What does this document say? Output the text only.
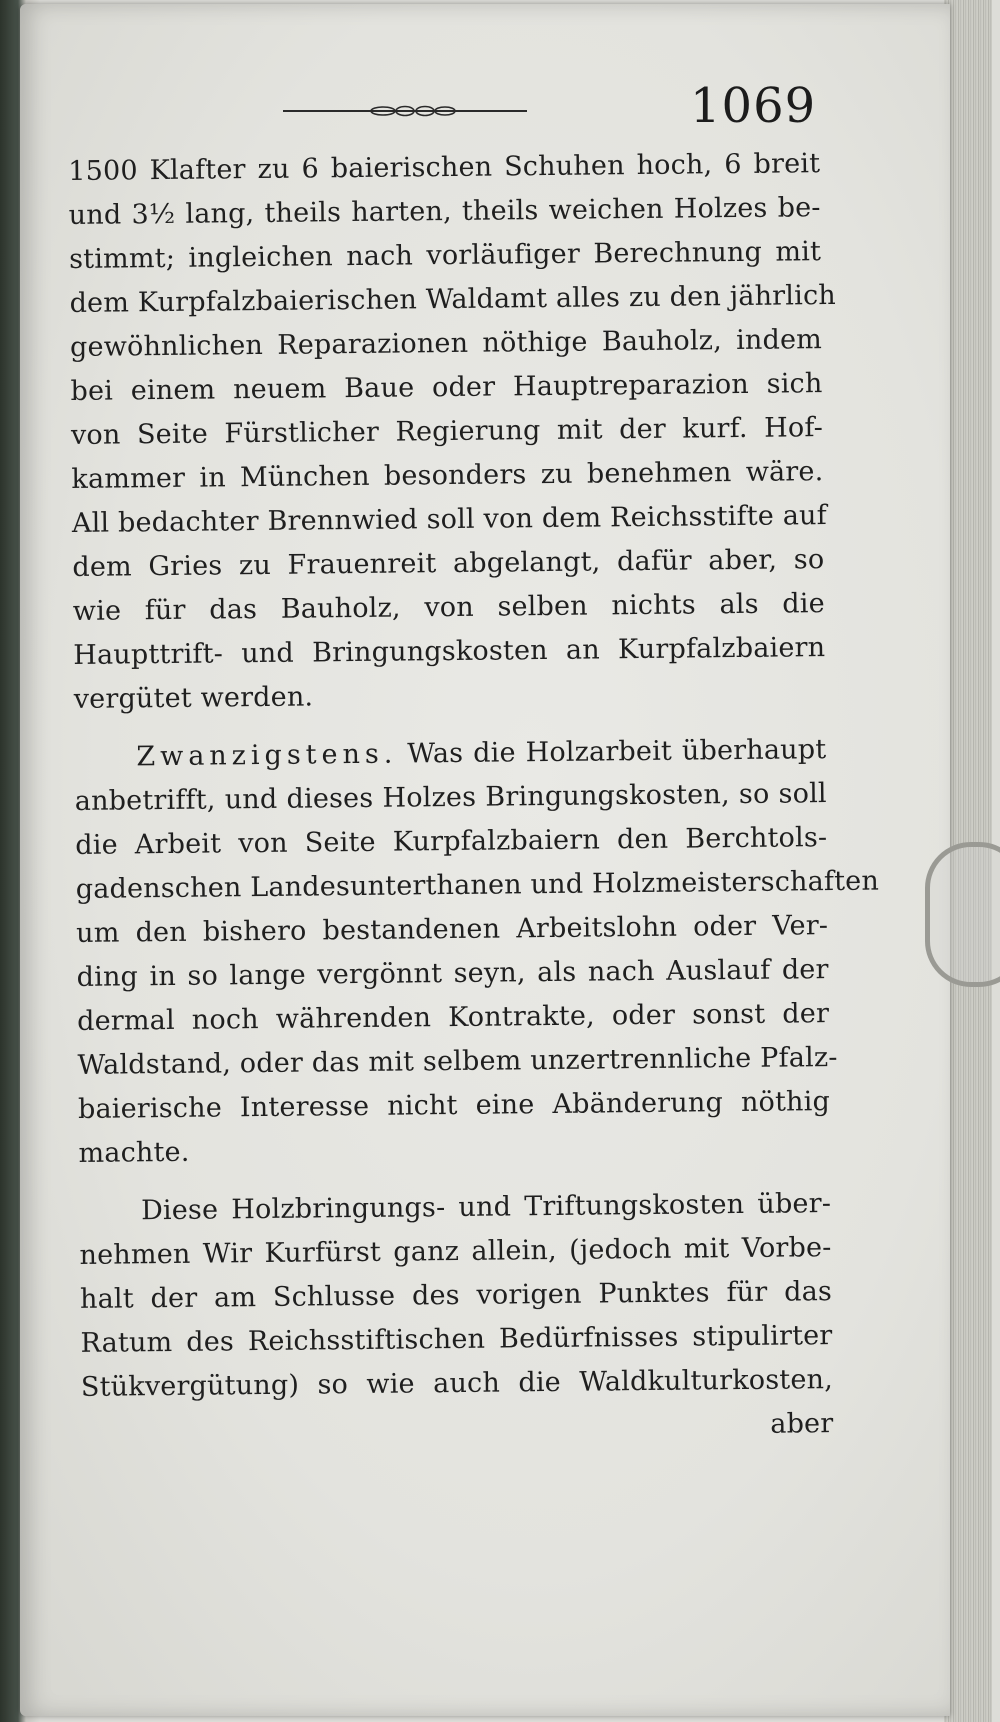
1069
1500 Klafter zu 6 baierischen Schuhen hoch, 6 breit
und 3½ lang, theils harten, theils weichen Holzes be-
stimmt; ingleichen nach vorläufiger Berechnung mit
dem Kurpfalzbaierischen Waldamt alles zu den jährlich
gewöhnlichen Reparazionen nöthige Bauholz, indem
bei einem neuem Baue oder Hauptreparazion sich
von Seite Fürstlicher Regierung mit der kurf. Hof-
kammer in München besonders zu benehmen wäre.
All bedachter Brennwied soll von dem Reichsstifte auf
dem Gries zu Frauenreit abgelangt, dafür aber, so
wie für das Bauholz, von selben nichts als die
Haupttrift- und Bringungskosten an Kurpfalzbaiern
vergütet werden.
Zwanzigstens. Was die Holzarbeit überhaupt
anbetrifft, und dieses Holzes Bringungskosten, so soll
die Arbeit von Seite Kurpfalzbaiern den Berchtols-
gadenschen Landesunterthanen und Holzmeisterschaften
um den bishero bestandenen Arbeitslohn oder Ver-
ding in so lange vergönnt seyn, als nach Auslauf der
dermal noch währenden Kontrakte, oder sonst der
Waldstand, oder das mit selbem unzertrennliche Pfalz-
baierische Interesse nicht eine Abänderung nöthig
machte.
Diese Holzbringungs- und Triftungskosten über-
nehmen Wir Kurfürst ganz allein, (jedoch mit Vorbe-
halt der am Schlusse des vorigen Punktes für das
Ratum des Reichsstiftischen Bedürfnisses stipulirter
Stükvergütung) so wie auch die Waldkulturkosten,
aber
